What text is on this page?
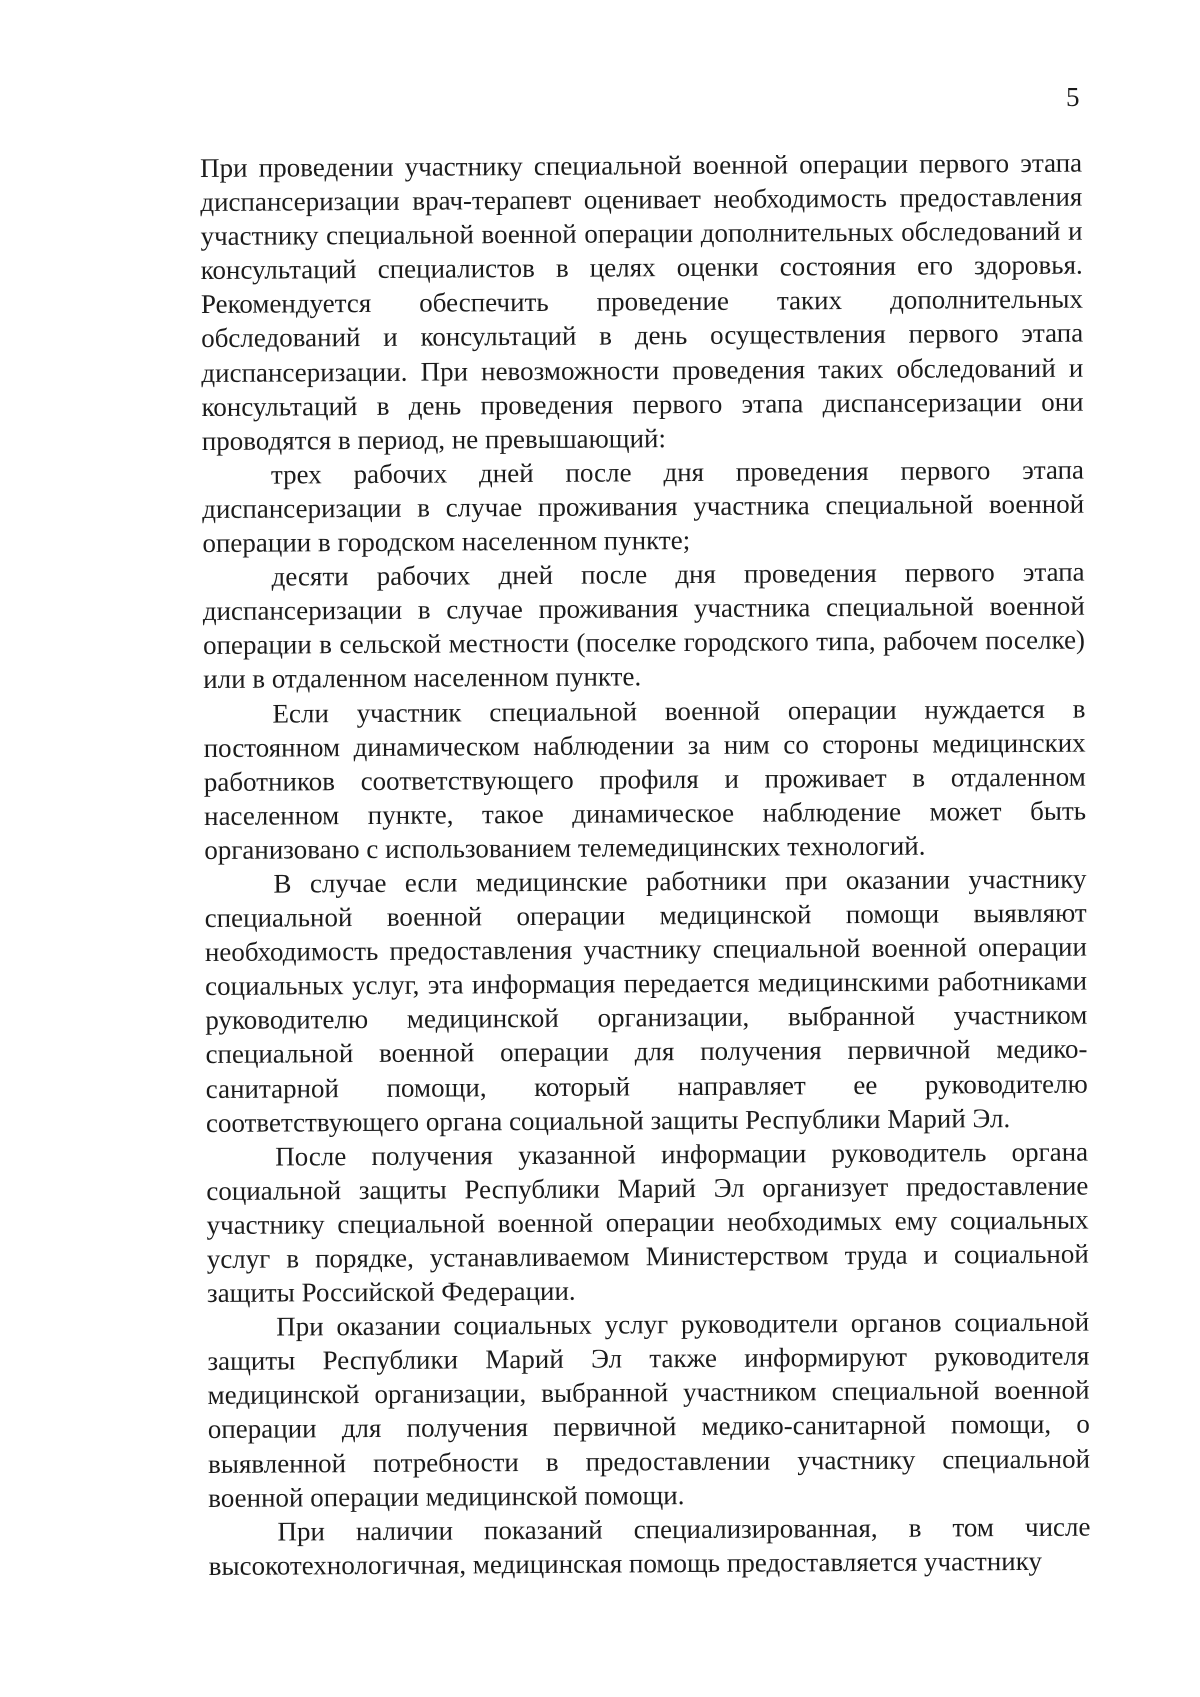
5

При проведении участнику специальной военной операции первого этапа диспансеризации врач-терапевт оценивает необходимость предоставления участнику специальной военной операции дополнительных обследований и консультаций специалистов в целях оценки состояния его здоровья. Рекомендуется обеспечить проведение таких дополнительных обследований и консультаций в день осуществления первого этапа диспансеризации. При невозможности проведения таких обследований и консультаций в день проведения первого этапа диспансеризации они проводятся в период, не превышающий:

трех рабочих дней после дня проведения первого этапа диспансеризации в случае проживания участника специальной военной операции в городском населенном пункте;

десяти рабочих дней после дня проведения первого этапа диспансеризации в случае проживания участника специальной военной операции в сельской местности (поселке городского типа, рабочем поселке) или в отдаленном населенном пункте.

Если участник специальной военной операции нуждается в постоянном динамическом наблюдении за ним со стороны медицинских работников соответствующего профиля и проживает в отдаленном населенном пункте, такое динамическое наблюдение может быть организовано с использованием телемедицинских технологий.

В случае если медицинские работники при оказании участнику специальной военной операции медицинской помощи выявляют необходимость предоставления участнику специальной военной операции социальных услуг, эта информация передается медицинскими работниками руководителю медицинской организации, выбранной участником специальной военной операции для получения первичной медико-санитарной помощи, который направляет ее руководителю соответствующего органа социальной защиты Республики Марий Эл.

После получения указанной информации руководитель органа социальной защиты Республики Марий Эл организует предоставление участнику специальной военной операции необходимых ему социальных услуг в порядке, устанавливаемом Министерством труда и социальной защиты Российской Федерации.

При оказании социальных услуг руководители органов социальной защиты Республики Марий Эл также информируют руководителя медицинской организации, выбранной участником специальной военной операции для получения первичной медико-санитарной помощи, о выявленной потребности в предоставлении участнику специальной военной операции медицинской помощи.

При наличии показаний специализированная, в том числе высокотехнологичная, медицинская помощь предоставляется участнику
